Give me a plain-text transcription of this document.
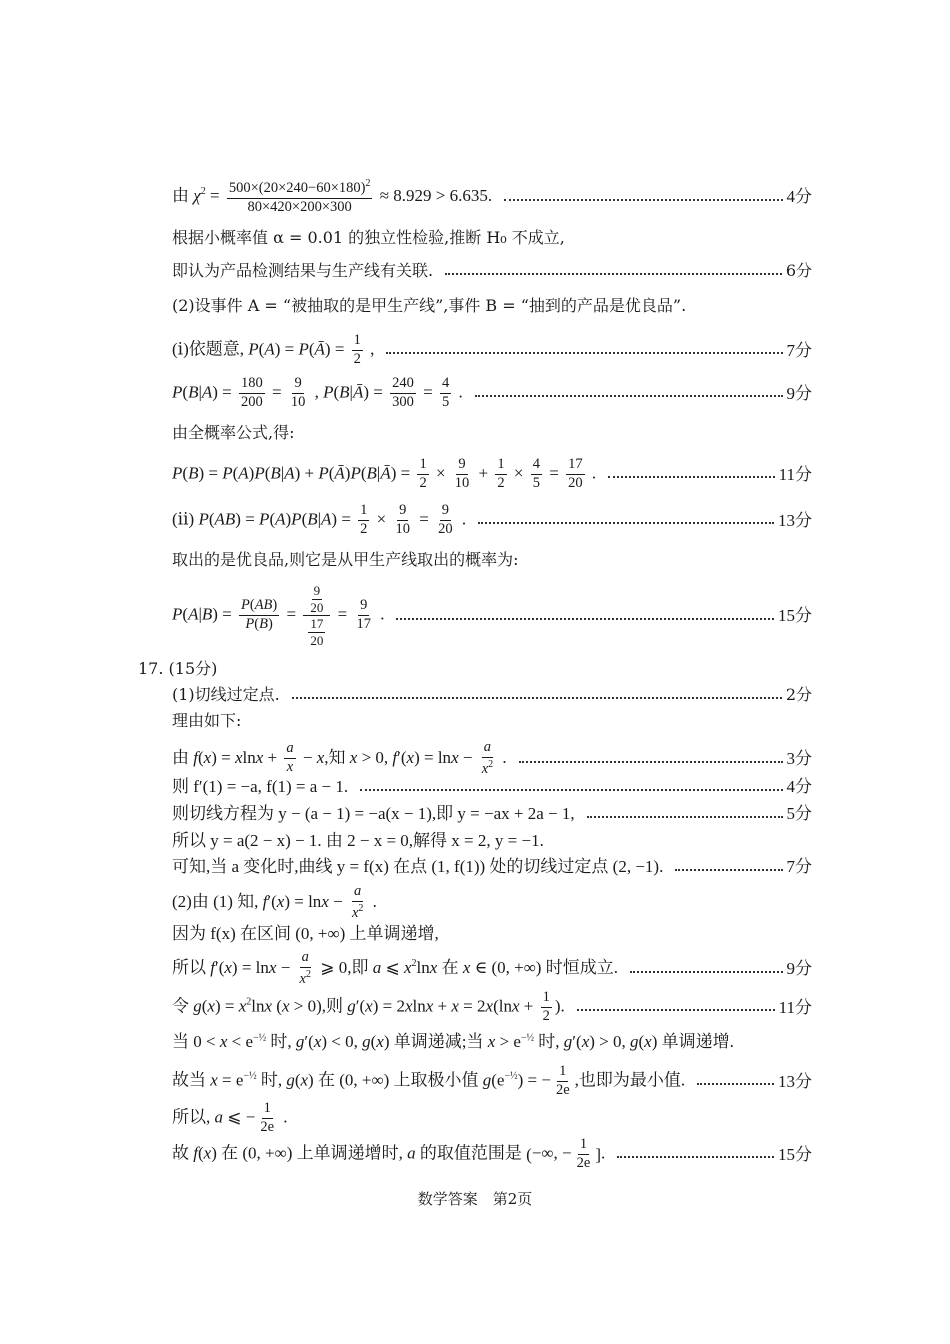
由 $\chi^2 = \frac{500\times(20\times 240-60\times 180)^2}{80\times 420\times 200\times 300} \approx 8.929 > 6.635$.	4分
根据小概率值 α = 0.01 的独立性检验,推断 H₀ 不成立,
即认为产品检测结果与生产线有关联.	6分
(2)设事件 A = “被抽取的是甲生产线”,事件 B = “抽到的产品是优良品”.
(ⅰ)依题意, P(A) = P(Ā) = $\frac{1}{2}$ ,	7分
$P(B|A) = \frac{180}{200} = \frac{9}{10}$ , P(B|Ā) = $\frac{240}{300} = \frac{4}{5}$ .	9分
由全概率公式,得:
P(B) = P(A)P(B|A) + P(Ā)P(B|Ā) = $\frac{1}{2} \times \frac{9}{10} + \frac{1}{2} \times \frac{4}{5} = \frac{17}{20}$ .	11分
(ⅱ) $P(AB) = P(A)P(B|A) = \frac{1}{2} \times \frac{9}{10} = \frac{9}{20}$ .	13分
取出的是优良品,则它是从甲生产线取出的概率为:
$P(A|B) = \frac{P(AB)}{P(B)} = \frac{\frac{9}{20}}{\frac{17}{20}} = \frac{9}{17}$ .	15分
17. (15分)
(1)切线过定点.	2分
理由如下:
由 $f(x) = xlnx + \frac{a}{x} - x$,知 x > 0, $f'(x) = \ln x - \frac{a}{x^2}$ .	3分
则 f′(1) = −a, f(1) = a − 1.	4分
则切线方程为 y − (a − 1) = −a(x − 1),即 y = −ax + 2a − 1,	5分
所以 y = a(2 − x) − 1. 由 2 − x = 0,解得 x = 2, y = −1.
可知,当 a 变化时,曲线 y = f(x) 在点 (1, f(1)) 处的切线过定点 (2, −1).	7分
(2)由 (1) 知, $f'(x) = \ln x - \frac{a}{x^2}$ .
因为 f(x) 在区间 (0, +∞) 上单调递增,
所以 $f'(x) = \ln x - \frac{a}{x^2}$ ⩾ 0,即 a ⩽ $x^2\ln x$ 在 x ∈ (0, +∞) 时恒成立.	9分
令 $g(x) = x^2\ln x$ (x > 0),则 $g'(x) = 2xlnx + x = 2x(\ln x + \frac{1}{2}$ ).	11分
当 $0 < x < e^{-\frac{1}{2}}$ 时, g′(x) < 0, g(x) 单调递减;当 $x > e^{-\frac{1}{2}}$ 时, g′(x) > 0, g(x) 单调递增.
故当 $x = e^{-\frac{1}{2}}$ 时, g(x) 在 (0, +∞) 上取极小值 $g(e^{-\frac{1}{2}})$ = − $\frac{1}{2e}$ ,也即为最小值.	13分
所以, a ⩽ − $\frac{1}{2e}$ .
故 f(x) 在 (0, +∞) 上单调递增时, a 的取值范围是 (−∞, − $\frac{1}{2e}$ ].	15分
数学答案　第2页
